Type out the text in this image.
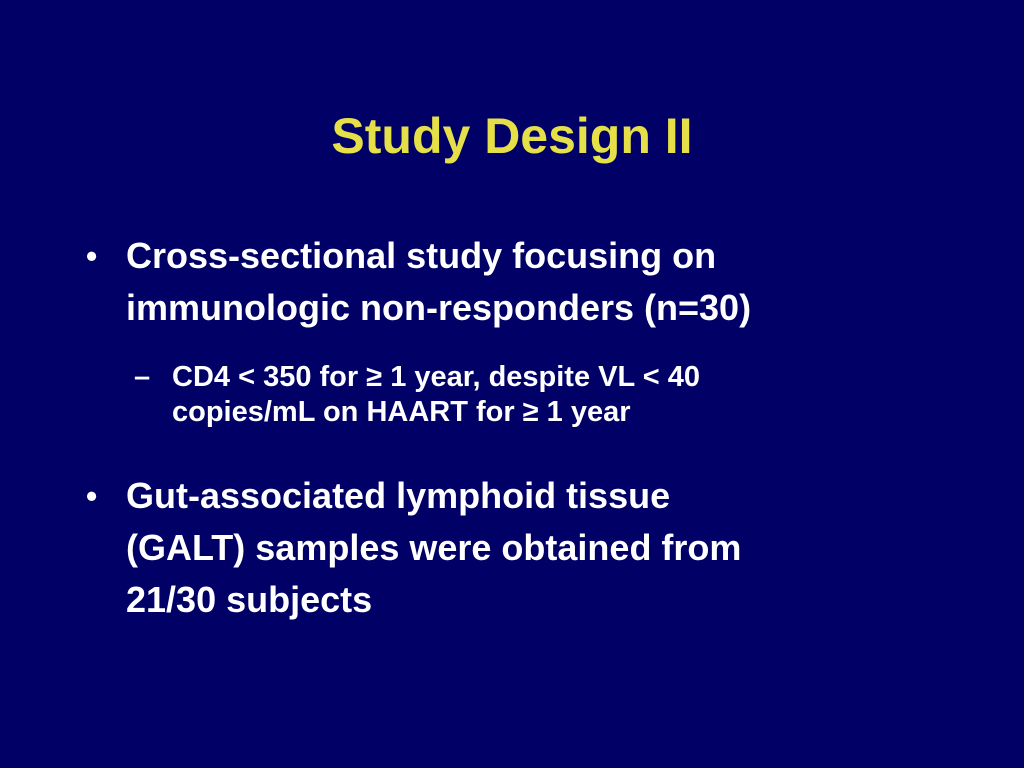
Study Design II
• Cross-sectional study focusing on
immunologic non-responders (n=30)
– CD4 < 350 for ≥ 1 year, despite VL < 40
copies/mL on HAART for ≥ 1 year
• Gut-associated lymphoid tissue
(GALT) samples were obtained from
21/30 subjects
